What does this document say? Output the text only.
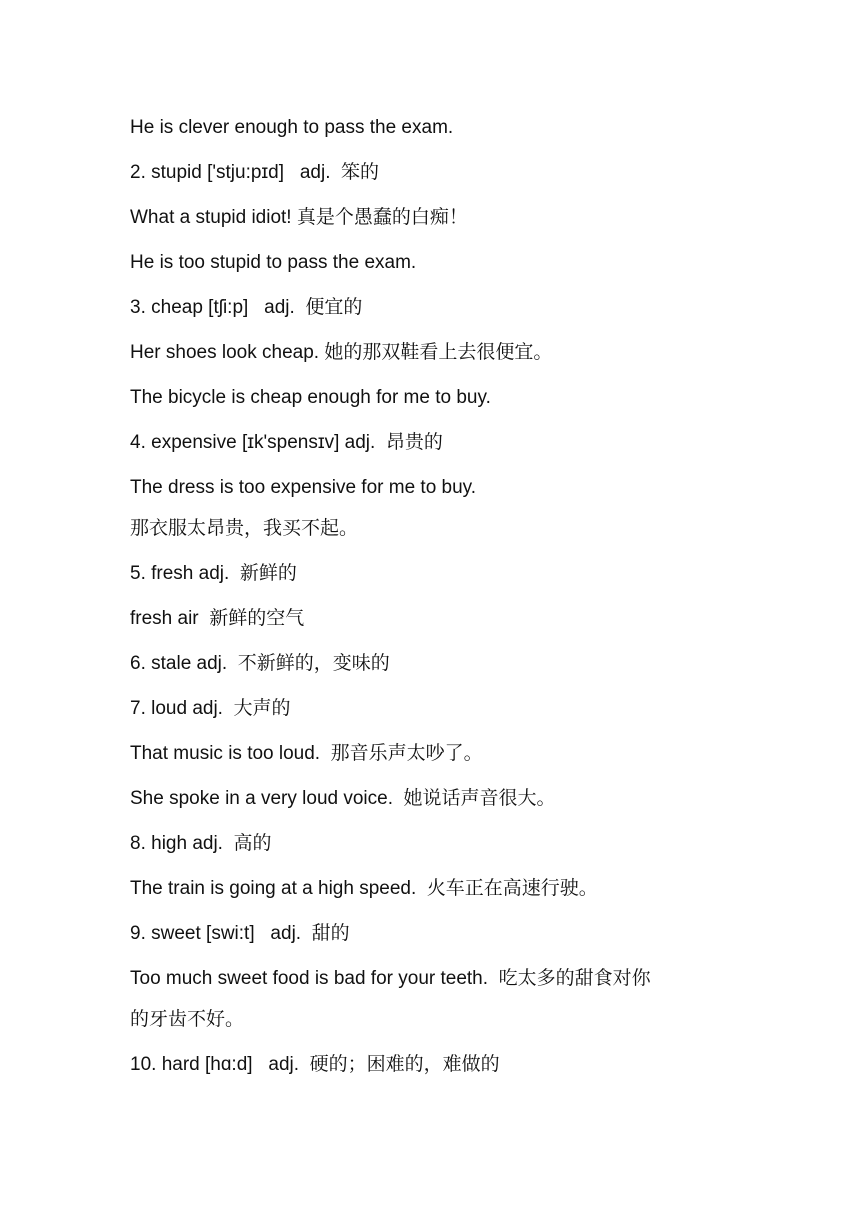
He is clever enough to pass the exam.
2. stupid ['stju:pɪd]   adj.  笨的
What a stupid idiot! 真是个愚蠢的白痴！
He is too stupid to pass the exam.
3. cheap [tʃi:p]   adj.  便宜的
Her shoes look cheap. 她的那双鞋看上去很便宜。
The bicycle is cheap enough for me to buy.
4. expensive [ɪk'spensɪv] adj.  昂贵的
The dress is too expensive for me to buy.
那衣服太昂贵，我买不起。
5. fresh adj.  新鲜的
fresh air  新鲜的空气
6. stale adj.  不新鲜的，变味的
7. loud adj.  大声的
That music is too loud.  那音乐声太吵了。
She spoke in a very loud voice.  她说话声音很大。
8. high adj.  高的
The train is going at a high speed.  火车正在高速行驶。
9. sweet [swi:t]   adj.  甜的
Too much sweet food is bad for your teeth.  吃太多的甜食对你
的牙齿不好。
10. hard [hɑ:d]   adj.  硬的；困难的，难做的
